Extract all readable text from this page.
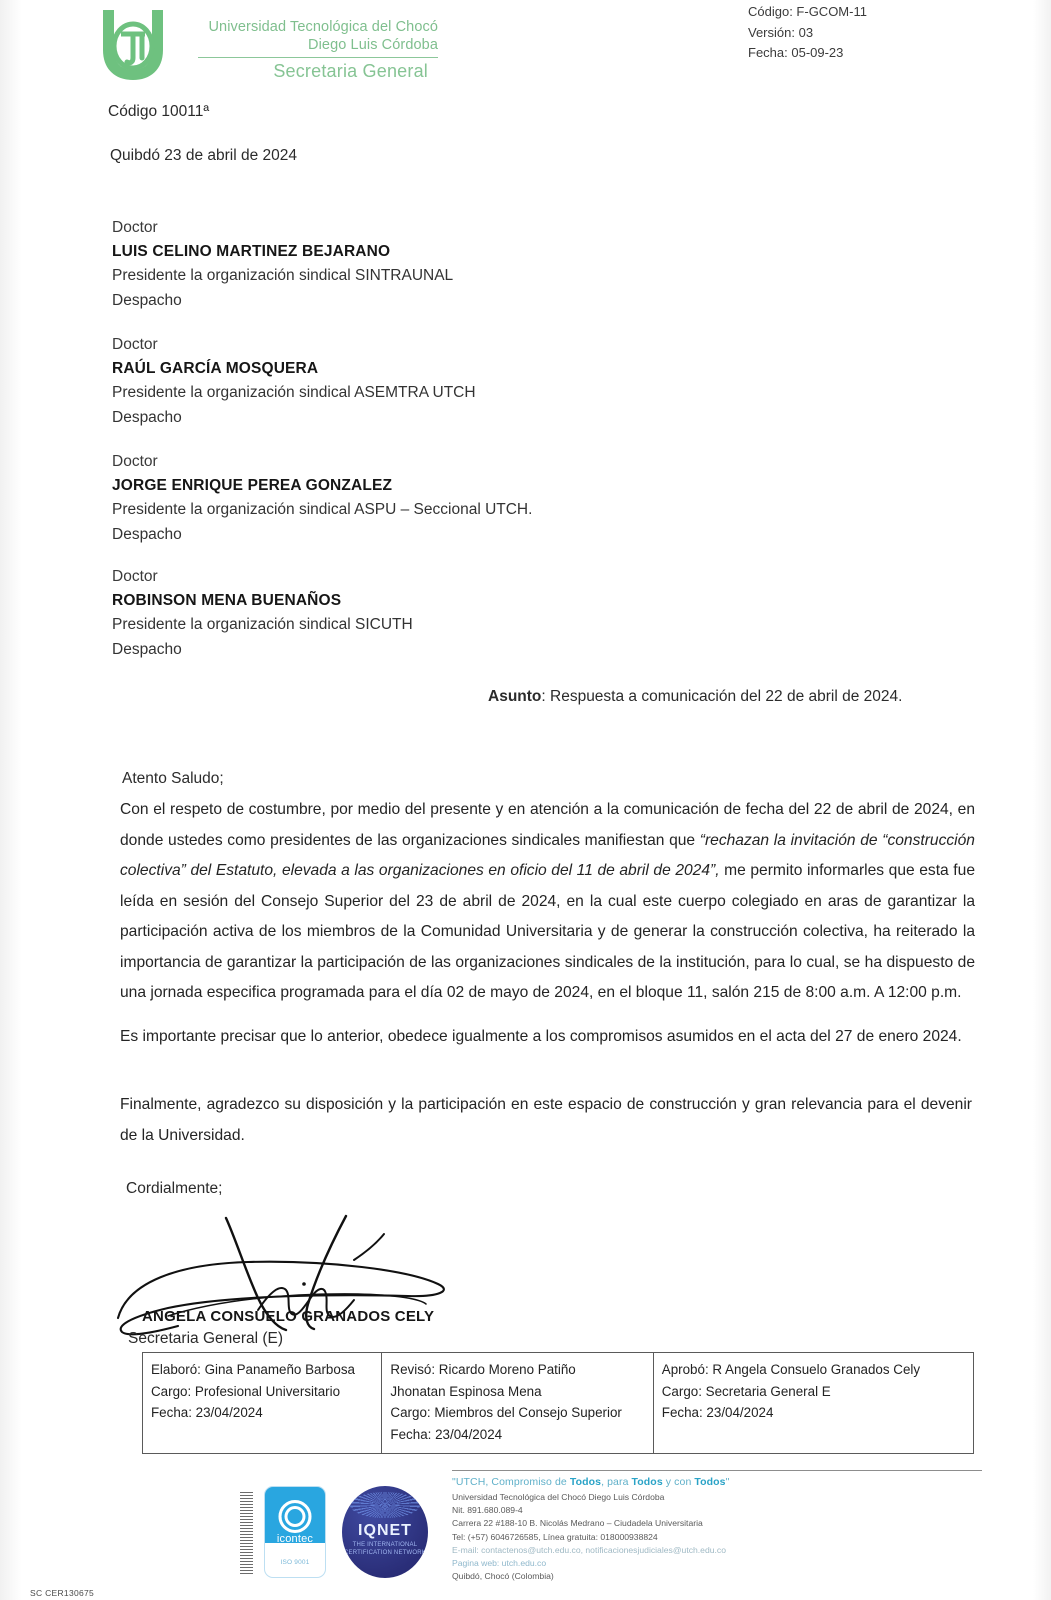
Universidad Tecnológica del Chocó
Diego Luis Córdoba
Secretaria General
Código: F-GCOM-11
Versión: 03
Fecha: 05-09-23
Código 10011ª
Quibdó 23 de abril de 2024
Doctor
LUIS CELINO MARTINEZ BEJARANO
Presidente la organización sindical SINTRAUNAL
Despacho
Doctor
RAÚL GARCÍA MOSQUERA
Presidente la organización sindical ASEMTRA UTCH
Despacho
Doctor
JORGE ENRIQUE PEREA GONZALEZ
Presidente la organización sindical ASPU – Seccional UTCH.
Despacho
Doctor
ROBINSON MENA BUENAÑOS
Presidente la organización sindical SICUTH
Despacho
Asunto: Respuesta a comunicación del 22 de abril de 2024.
Atento Saludo;
Con el respeto de costumbre, por medio del presente y en atención a la comunicación de fecha del 22 de abril de 2024, en donde ustedes como presidentes de las organizaciones sindicales manifiestan que “rechazan la invitación de “construcción colectiva” del Estatuto, elevada a las organizaciones en oficio del 11 de abril de 2024”, me permito informarles que esta fue leída en sesión del Consejo Superior del 23 de abril de 2024, en la cual este cuerpo colegiado en aras de garantizar la participación activa de los miembros de la Comunidad Universitaria y de generar la construcción colectiva, ha reiterado la importancia de garantizar la participación de las organizaciones sindicales de la institución, para lo cual, se ha dispuesto de una jornada especifica programada para el día 02 de mayo de 2024, en el bloque 11, salón 215 de 8:00 a.m. A 12:00 p.m.
Es importante precisar que lo anterior, obedece igualmente a los compromisos asumidos en el acta del 27 de enero 2024.
Finalmente, agradezco su disposición y la participación en este espacio de construcción y gran relevancia para el devenir de la Universidad.
Cordialmente;
ANGELA CONSUELO GRANADOS CELY
Secretaria General (E)
Elaboró: Gina Panameño Barbosa
Cargo: Profesional Universitario
Fecha: 23/04/2024
Revisó: Ricardo Moreno Patiño
Jhonatan Espinosa Mena
Cargo: Miembros del Consejo Superior
Fecha: 23/04/2024
Aprobó: R Angela Consuelo Granados Cely
Cargo: Secretaria General E
Fecha: 23/04/2024
icontec
ISO 9001
IQNET
THE INTERNATIONAL CERTIFICATION NETWORK
SC CER130675
"UTCH, Compromiso de Todos, para Todos y con Todos"
Universidad Tecnológica del Chocó Diego Luis Córdoba
Nit. 891.680.089-4
Carrera 22 #188-10 B. Nicolás Medrano – Ciudadela Universitaria
Tel: (+57) 6046726585, Línea gratuita: 018000938824
E-mail: contactenos@utch.edu.co, notificacionesjudiciales@utch.edu.co
Pagina web: utch.edu.co
Quibdó, Chocó (Colombia)
